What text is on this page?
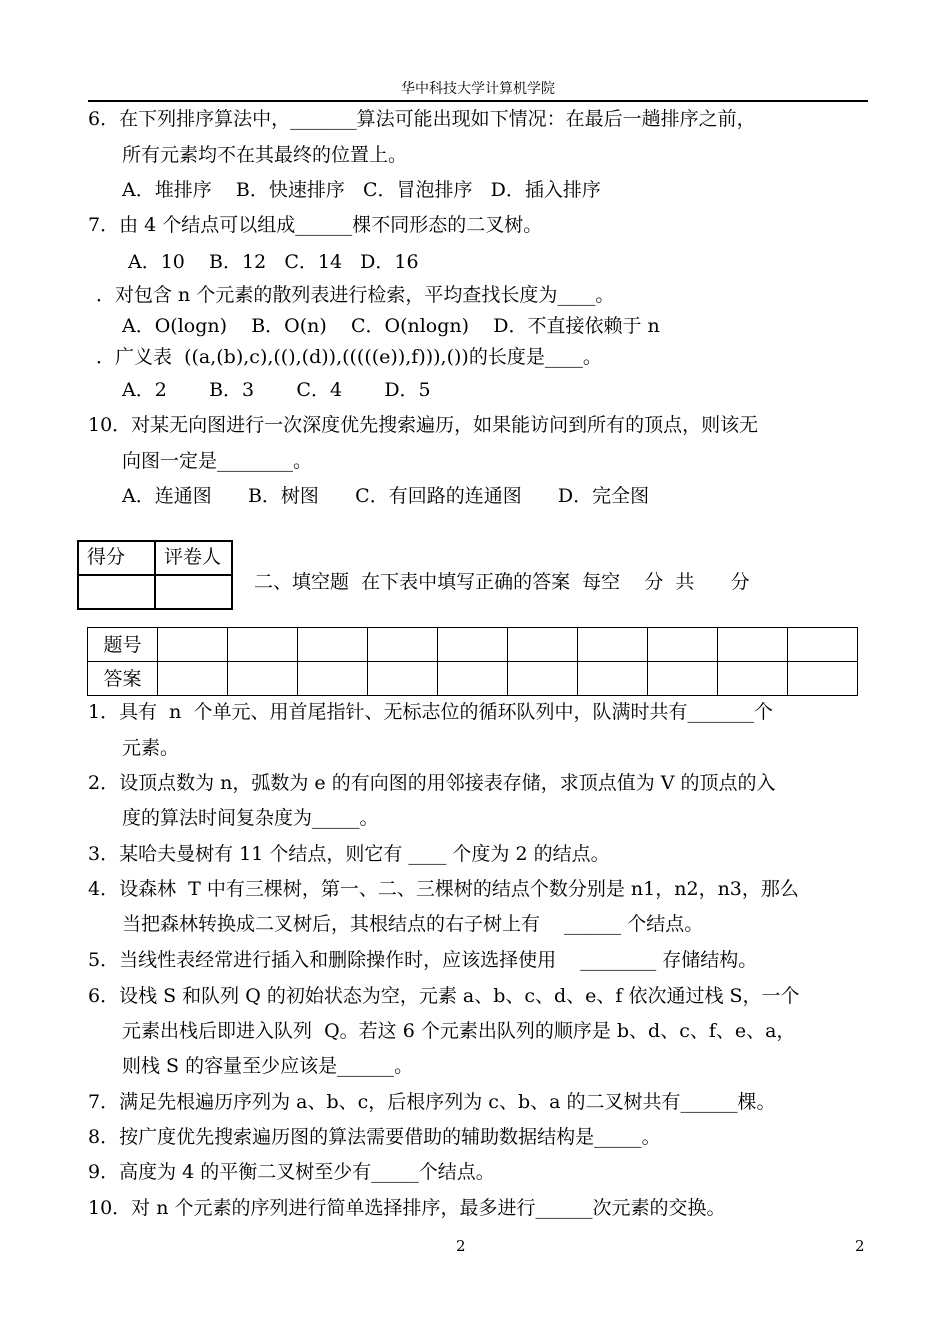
华中科技大学计算机学院
6．在下列排序算法中，_______算法可能出现如下情况：在最后一趟排序之前，
所有元素均不在其最终的位置上。
A．堆排序    B．快速排序   C．冒泡排序   D．插入排序
7．由 4 个结点可以组成______棵不同形态的二叉树。
A．10    B．12   C．14   D．16
．对包含 n 个元素的散列表进行检索，平均查找长度为____。
A．O(logn)    B．O(n)    C．O(nlogn)    D．不直接依赖于 n
．广义表  ((a,(b),c),((),(d)),(((((e)),f))),())的长度是____。
A．2       B．3       C．4       D．5
10．对某无向图进行一次深度优先搜索遍历，如果能访问到所有的顶点，则该无
向图一定是________。
A．连通图      B．树图      C．有回路的连通图      D．完全图
得分	评卷人

二、填空题  在下表中填写正确的答案  每空    分  共      分
题号										
答案										
1．具有  n  个单元、用首尾指针、无标志位的循环队列中，队满时共有_______个
元素。
2．设顶点数为 n，弧数为 e 的有向图的用邻接表存储，求顶点值为 V 的顶点的入
度的算法时间复杂度为_____。
3．某哈夫曼树有 11 个结点，则它有 ____ 个度为 2 的结点。
4．设森林  T 中有三棵树，第一、二、三棵树的结点个数分别是 n1，n2，n3，那么
当把森林转换成二叉树后，其根结点的右子树上有    ______ 个结点。
5．当线性表经常进行插入和删除操作时，应该选择使用    ________ 存储结构。
6．设栈 S 和队列 Q 的初始状态为空，元素 a、b、c、d、e、f 依次通过栈 S，一个
元素出栈后即进入队列  Q。若这 6 个元素出队列的顺序是 b、d、c、f、e、a，
则栈 S 的容量至少应该是______。
7．满足先根遍历序列为 a、b、c，后根序列为 c、b、a 的二叉树共有______棵。
8．按广度优先搜索遍历图的算法需要借助的辅助数据结构是_____。
9．高度为 4 的平衡二叉树至少有_____个结点。
10．对 n 个元素的序列进行简单选择排序，最多进行______次元素的交换。
2	2
